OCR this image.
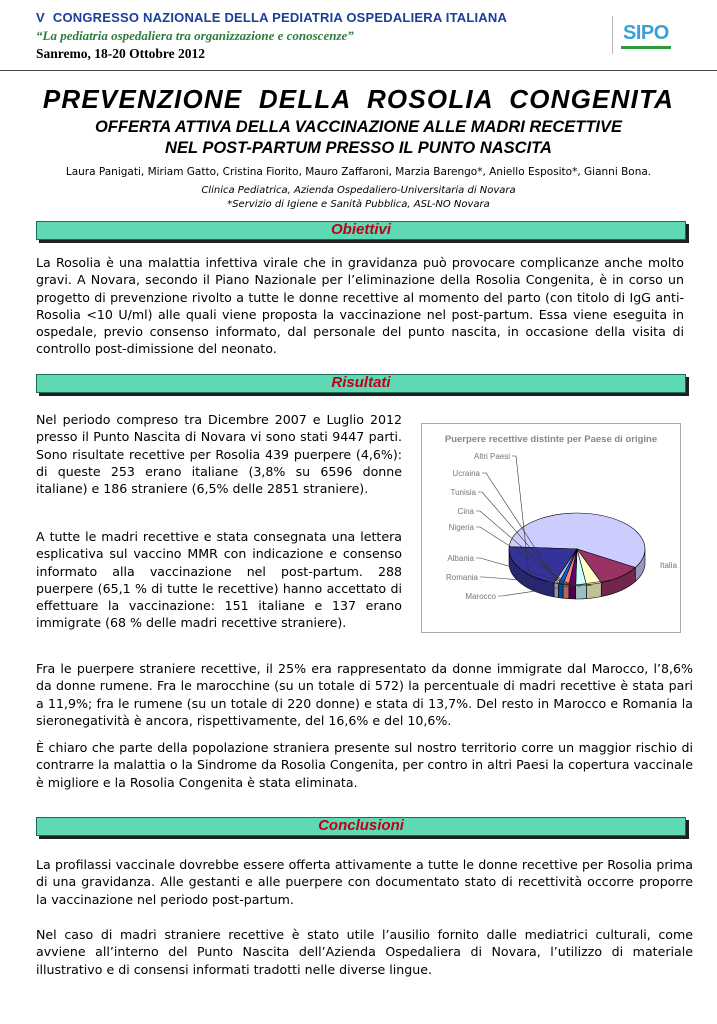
V CONGRESSO NAZIONALE DELLA PEDIATRIA OSPEDALIERA ITALIANA
“La pediatria ospedaliera tra organizzazione e conoscenze”
Sanremo, 18-20 Ottobre 2012
SIPO
PREVENZIONE DELLA ROSOLIA CONGENITA
OFFERTA ATTIVA DELLA VACCINAZIONE ALLE MADRI RECETTIVE
NEL POST-PARTUM PRESSO IL PUNTO NASCITA
Laura Panigati, Miriam Gatto, Cristina Fiorito, Mauro Zaffaroni, Marzia Barengo*, Aniello Esposito*, Gianni Bona.
Clinica Pediatrica, Azienda Ospedaliero-Universitaria di Novara
*Servizio di Igiene e Sanità Pubblica, ASL-NO Novara
Obiettivi
La Rosolia è una malattia infettiva virale che in gravidanza può provocare complicanze anche molto gravi. A Novara, secondo il Piano Nazionale per l’eliminazione della Rosolia Congenita, è in corso un progetto di prevenzione rivolto a tutte le donne recettive al momento del parto (con titolo di IgG anti-Rosolia <10 U/ml) alle quali viene proposta la vaccinazione nel post-partum. Essa viene eseguita in ospedale, previo consenso informato, dal personale del punto nascita, in occasione della visita di controllo post-dimissione del neonato.
Risultati
Nel periodo compreso tra Dicembre 2007 e Luglio 2012 presso il Punto Nascita di Novara vi sono stati 9447 parti. Sono risultate recettive per Rosolia 439 puerpere (4,6%): di queste 253 erano italiane (3,8% su 6596 donne italiane) e 186 straniere (6,5% delle 2851 straniere).
A tutte le madri recettive e stata consegnata una lettera esplicativa sul vaccino MMR con indicazione e consenso informato alla vaccinazione nel post-partum. 288 puerpere (65,1 % di tutte le recettive) hanno accettato di effettuare la vaccinazione: 151 italiane e 137 erano immigrate (68 % delle madri recettive straniere).
Puerpere recettive distinte per Paese di origine
Italia
Marocco
Romania
Albania
Nigeria
Cina
Tunisia
Ucraina
Altri Paesi
Fra le puerpere straniere recettive, il 25% era rappresentato da donne immigrate dal Marocco, l’8,6% da donne rumene. Fra le marocchine (su un totale di 572) la percentuale di madri recettive è stata pari a 11,9%; fra le rumene (su un totale di 220 donne) e stata di 13,7%. Del resto in Marocco e Romania la sieronegatività è ancora, rispettivamente, del 16,6% e del 10,6%.
È chiaro che parte della popolazione straniera presente sul nostro territorio corre un maggior rischio di contrarre la malattia o la Sindrome da Rosolia Congenita, per contro in altri Paesi la copertura vaccinale è migliore e la Rosolia Congenita è stata eliminata.
Conclusioni
La profilassi vaccinale dovrebbe essere offerta attivamente a tutte le donne recettive per Rosolia prima di una gravidanza. Alle gestanti e alle puerpere con documentato stato di recettività occorre proporre la vaccinazione nel periodo post-partum.
Nel caso di madri straniere recettive è stato utile l’ausilio fornito dalle mediatrici culturali, come avviene all’interno del Punto Nascita dell’Azienda Ospedaliera di Novara, l’utilizzo di materiale illustrativo e di consensi informati tradotti nelle diverse lingue.
